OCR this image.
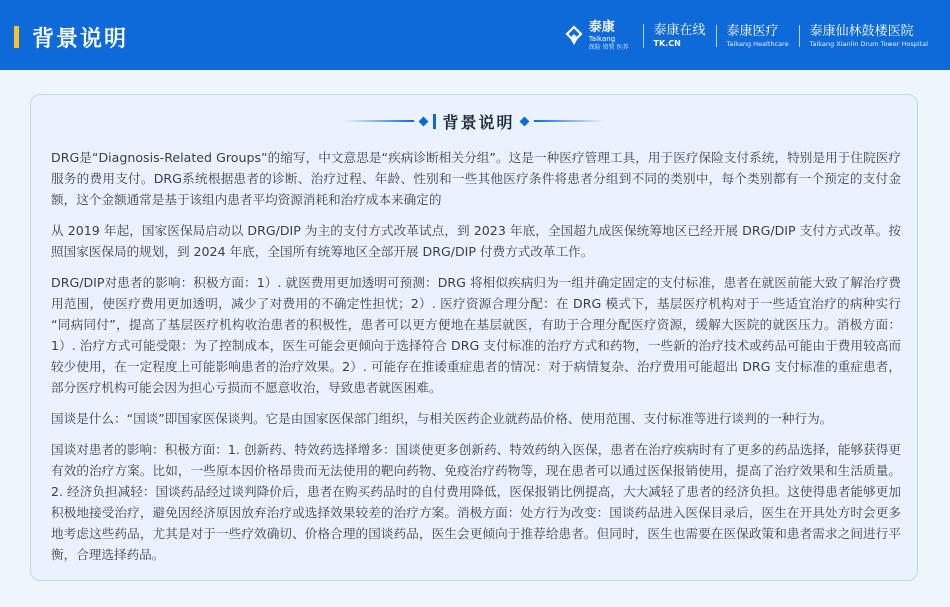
背景说明	泰康
Taikang
保险 资管 医养
泰康在线
TK.CN
泰康医疗
Taikang Healthcare
泰康仙林鼓楼医院
Taikang Xianlin Drum Tower Hospital
背景说明

DRG是“Diagnosis-Related Groups”的缩写，中文意思是“疾病诊断相关分组”。这是一种医疗管理工具，用于医疗保险支付系统，特别是用于住院医疗服务的费用支付。DRG系统根据患者的诊断、治疗过程、年龄、性别和一些其他医疗条件将患者分组到不同的类别中，每个类别都有一个预定的支付金额，这个金额通常是基于该组内患者平均资源消耗和治疗成本来确定的

从 2019 年起，国家医保局启动以 DRG/DIP 为主的支付方式改革试点，到 2023 年底，全国超九成医保统筹地区已经开展 DRG/DIP 支付方式改革。按照国家医保局的规划，到 2024 年底，全国所有统筹地区全部开展 DRG/DIP 付费方式改革工作。

DRG/DIP对患者的影响：积极方面：1）. 就医费用更加透明可预测：DRG 将相似疾病归为一组并确定固定的支付标准，患者在就医前能大致了解治疗费用范围，使医疗费用更加透明，减少了对费用的不确定性担忧；2）. 医疗资源合理分配：在 DRG 模式下，基层医疗机构对于一些适宜治疗的病种实行 “同病同付”，提高了基层医疗机构收治患者的积极性，患者可以更方便地在基层就医，有助于合理分配医疗资源，缓解大医院的就医压力。消极方面：1）. 治疗方式可能受限：为了控制成本，医生可能会更倾向于选择符合 DRG 支付标准的治疗方式和药物，一些新的治疗技术或药品可能由于费用较高而较少使用，在一定程度上可能影响患者的治疗效果。2）. 可能存在推诿重症患者的情况：对于病情复杂、治疗费用可能超出 DRG 支付标准的重症患者，部分医疗机构可能会因为担心亏损而不愿意收治，导致患者就医困难。

国谈是什么：“国谈”即国家医保谈判。它是由国家医保部门组织，与相关医药企业就药品价格、使用范围、支付标准等进行谈判的一种行为。

国谈对患者的影响：积极方面：1. 创新药、特效药选择增多：国谈使更多创新药、特效药纳入医保，患者在治疗疾病时有了更多的药品选择，能够获得更有效的治疗方案。比如，一些原本因价格昂贵而无法使用的靶向药物、免疫治疗药物等，现在患者可以通过医保报销使用，提高了治疗效果和生活质量。2. 经济负担减轻：国谈药品经过谈判降价后，患者在购买药品时的自付费用降低，医保报销比例提高，大大减轻了患者的经济负担。这使得患者能够更加积极地接受治疗，避免因经济原因放弃治疗或选择效果较差的治疗方案。消极方面：处方行为改变：国谈药品进入医保目录后，医生在开具处方时会更多地考虑这些药品，尤其是对于一些疗效确切、价格合理的国谈药品，医生会更倾向于推荐给患者。但同时，医生也需要在医保政策和患者需求之间进行平衡，合理选择药品。
